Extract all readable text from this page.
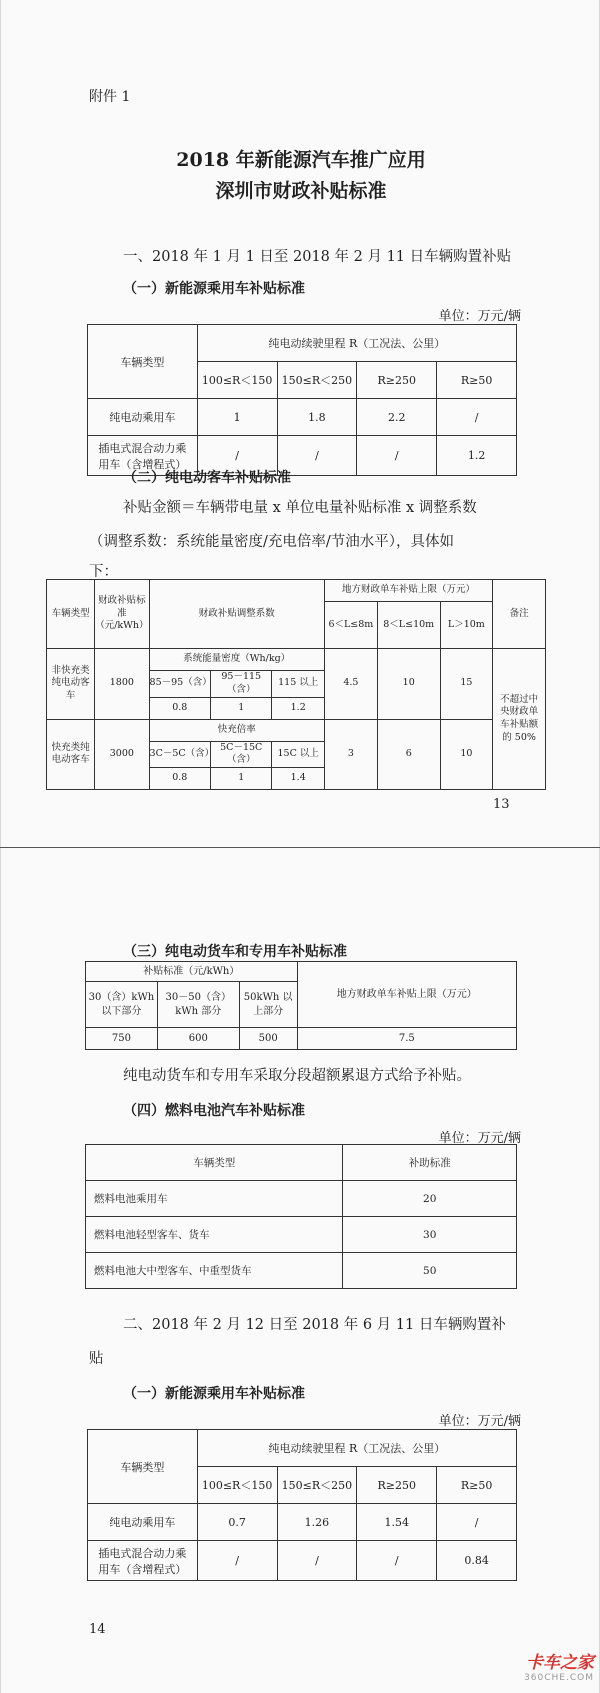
附件 1
2018 年新能源汽车推广应用
深圳市财政补贴标准
一、2018 年 1 月 1 日至 2018 年 2 月 11 日车辆购置补贴
（一）新能源乘用车补贴标准
单位：万元/辆
车辆类型	纯电动续驶里程 R（工况法、公里）			
	100≤R＜150	150≤R＜250	R≥250	R≥50
纯电动乘用车	1	1.8	2.2	/
插电式混合动力乘用车（含增程式）	/	/	/	1.2
（二）纯电动客车补贴标准
补贴金额＝车辆带电量 x 单位电量补贴标准 x 调整系数
（调整系数：系统能量密度/充电倍率/节油水平），具体如
下：
车辆类型	财政补贴标准（元/kWh）	财政补贴调整系数			地方财政单车补贴上限（万元）			备注
					6＜L≤8m	8＜L≤10m	L＞10m	
非快充类纯电动客车	1800	系统能量密度（Wh/kg）			4.5	10	15	不超过中央财政单车补贴额的 50%
		85－95（含）	95－115（含）	115 以上				
		0.8	1	1.2				
快充类纯电动客车	3000	快充倍率			3	6	10	
		3C－5C（含）	5C－15C（含）	15C 以上				
		0.8	1	1.4				
13
（三）纯电动货车和专用车补贴标准
补贴标准（元/kWh）			地方财政单车补贴上限（万元）
30（含）kWh 以下部分	30－50（含）kWh 部分	50kWh 以上部分	
750	600	500	7.5
纯电动货车和专用车采取分段超额累退方式给予补贴。
（四）燃料电池汽车补贴标准
单位：万元/辆
车辆类型	补助标准
燃料电池乘用车	20
燃料电池轻型客车、货车	30
燃料电池大中型客车、中重型货车	50
二、2018 年 2 月 12 日至 2018 年 6 月 11 日车辆购置补
贴
（一）新能源乘用车补贴标准
单位：万元/辆
车辆类型	纯电动续驶里程 R（工况法、公里）			
	100≤R＜150	150≤R＜250	R≥250	R≥50
纯电动乘用车	0.7	1.26	1.54	/
插电式混合动力乘用车（含增程式）	/	/	/	0.84
14
卡车之家
360CHE.COM
